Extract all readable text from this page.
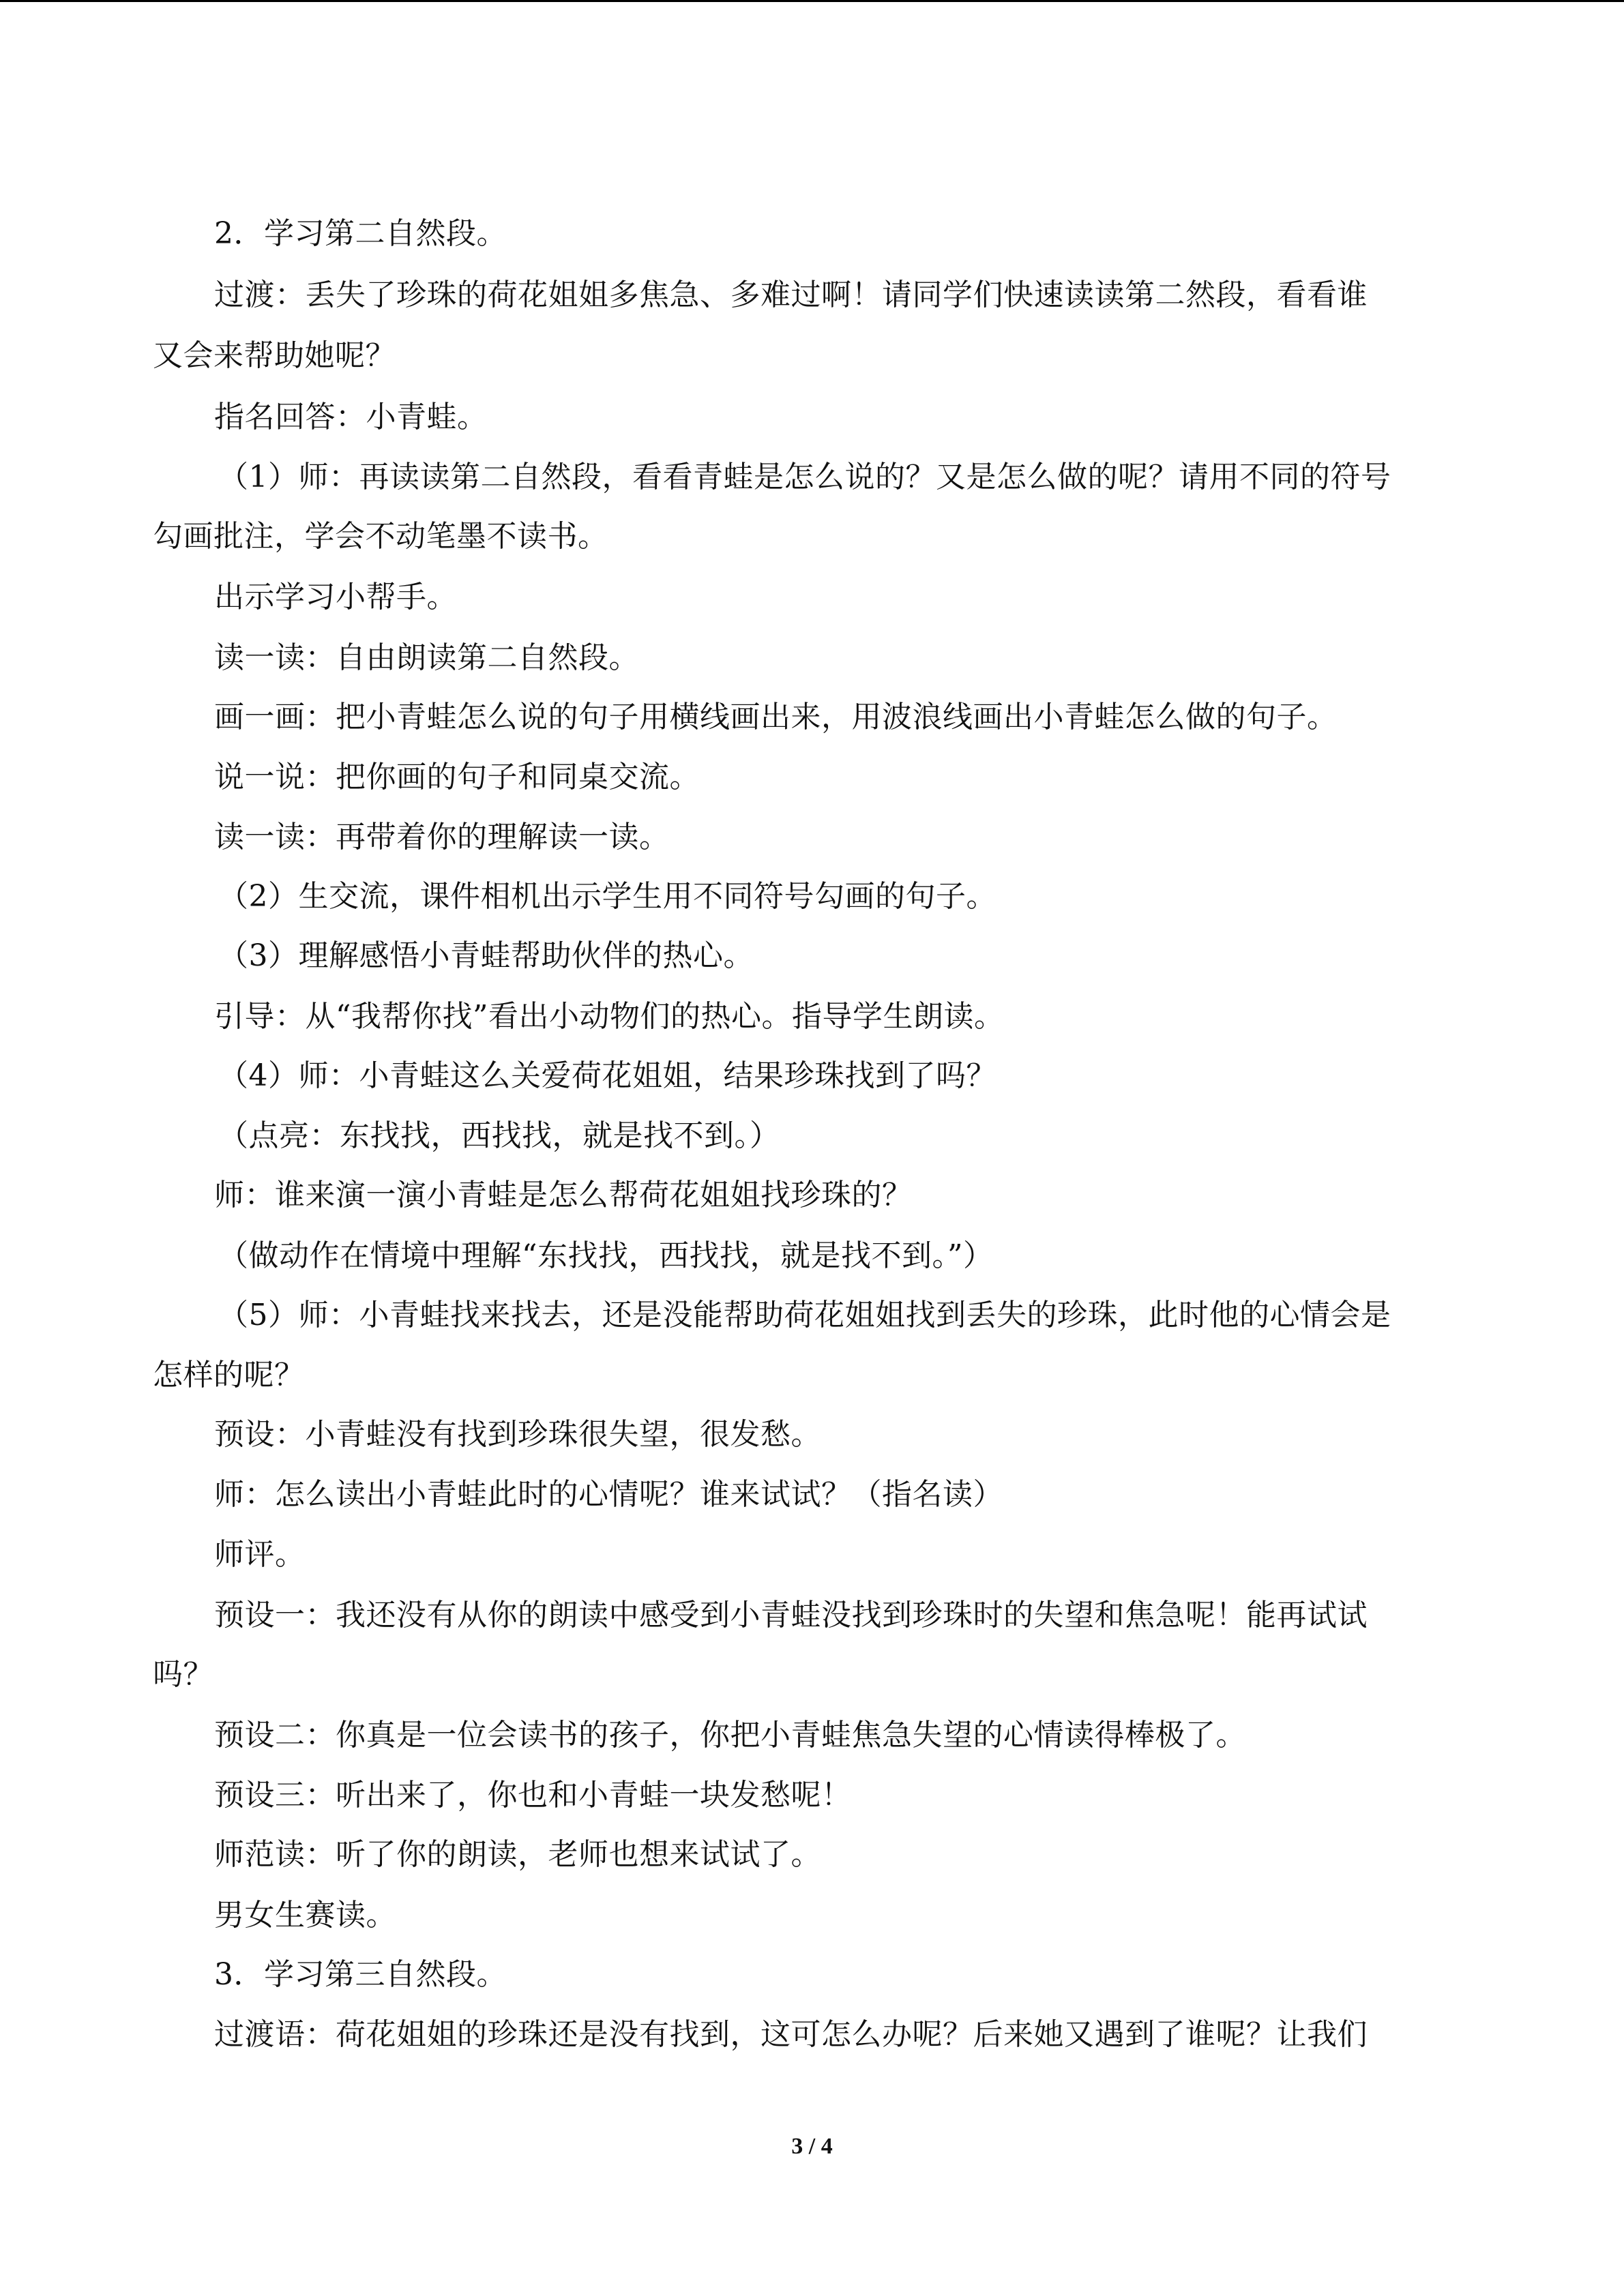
2．学习第二自然段。
过渡：丢失了珍珠的荷花姐姐多焦急、多难过啊！请同学们快速读读第二然段，看看谁
又会来帮助她呢？
指名回答：小青蛙。
（1）师：再读读第二自然段，看看青蛙是怎么说的？又是怎么做的呢？请用不同的符号
勾画批注，学会不动笔墨不读书。
出示学习小帮手。
读一读：自由朗读第二自然段。
画一画：把小青蛙怎么说的句子用横线画出来，用波浪线画出小青蛙怎么做的句子。
说一说：把你画的句子和同桌交流。
读一读：再带着你的理解读一读。
（2）生交流，课件相机出示学生用不同符号勾画的句子。
（3）理解感悟小青蛙帮助伙伴的热心。
引导：从“我帮你找”看出小动物们的热心。指导学生朗读。
（4）师：小青蛙这么关爱荷花姐姐，结果珍珠找到了吗？
（点亮：东找找，西找找，就是找不到。）
师：谁来演一演小青蛙是怎么帮荷花姐姐找珍珠的？
（做动作在情境中理解“东找找，西找找，就是找不到。”）
（5）师：小青蛙找来找去，还是没能帮助荷花姐姐找到丢失的珍珠，此时他的心情会是
怎样的呢？
预设：小青蛙没有找到珍珠很失望，很发愁。
师：怎么读出小青蛙此时的心情呢？谁来试试？（指名读）
师评。
预设一：我还没有从你的朗读中感受到小青蛙没找到珍珠时的失望和焦急呢！能再试试
吗？
预设二：你真是一位会读书的孩子，你把小青蛙焦急失望的心情读得棒极了。
预设三：听出来了，你也和小青蛙一块发愁呢！
师范读：听了你的朗读，老师也想来试试了。
男女生赛读。
3．学习第三自然段。
过渡语：荷花姐姐的珍珠还是没有找到，这可怎么办呢？后来她又遇到了谁呢？让我们
3 / 4
